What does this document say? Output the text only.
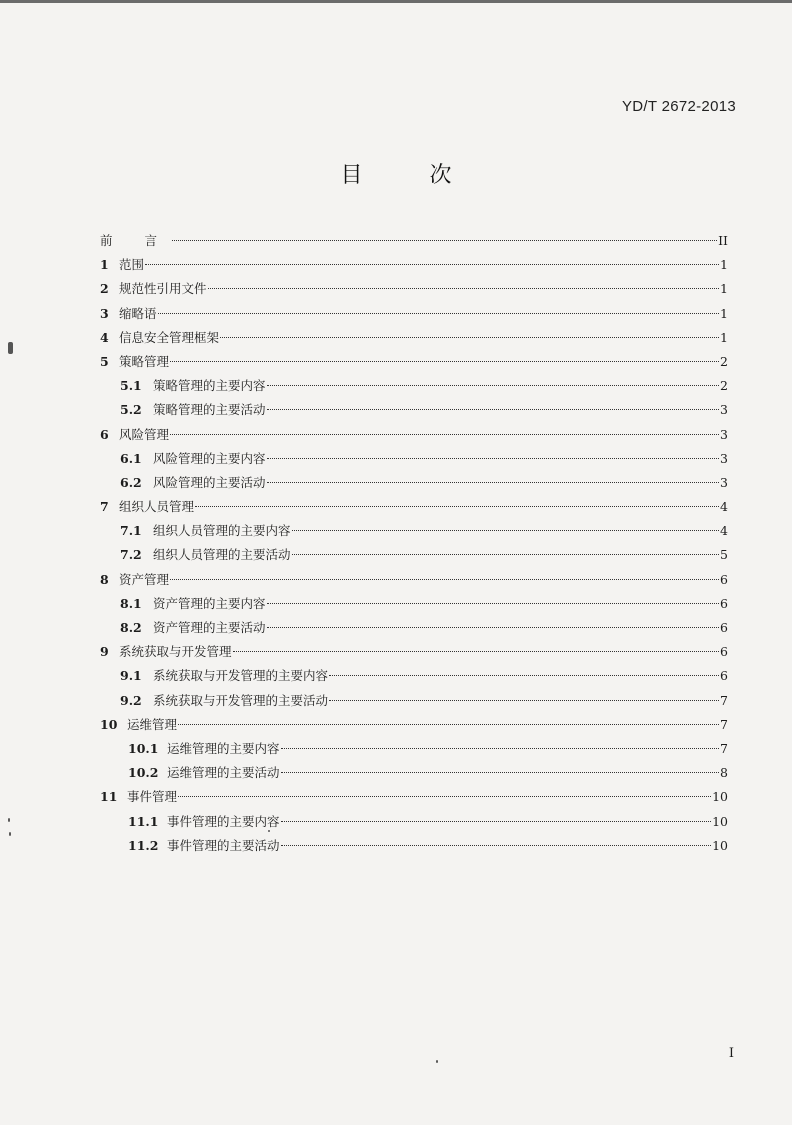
YD/T 2672-2013
目 次
前 言	II
1 范围	1
2 规范性引用文件	1
3 缩略语	1
4 信息安全管理框架	1
5 策略管理	2
5.1 策略管理的主要内容	2
5.2 策略管理的主要活动	3
6 风险管理	3
6.1 风险管理的主要内容	3
6.2 风险管理的主要活动	3
7 组织人员管理	4
7.1 组织人员管理的主要内容	4
7.2 组织人员管理的主要活动	5
8 资产管理	6
8.1 资产管理的主要内容	6
8.2 资产管理的主要活动	6
9 系统获取与开发管理	6
9.1 系统获取与开发管理的主要内容	6
9.2 系统获取与开发管理的主要活动	7
10 运维管理	7
10.1 运维管理的主要内容	7
10.2 运维管理的主要活动	8
11 事件管理	10
11.1 事件管理的主要内容	10
11.2 事件管理的主要活动	10
I
